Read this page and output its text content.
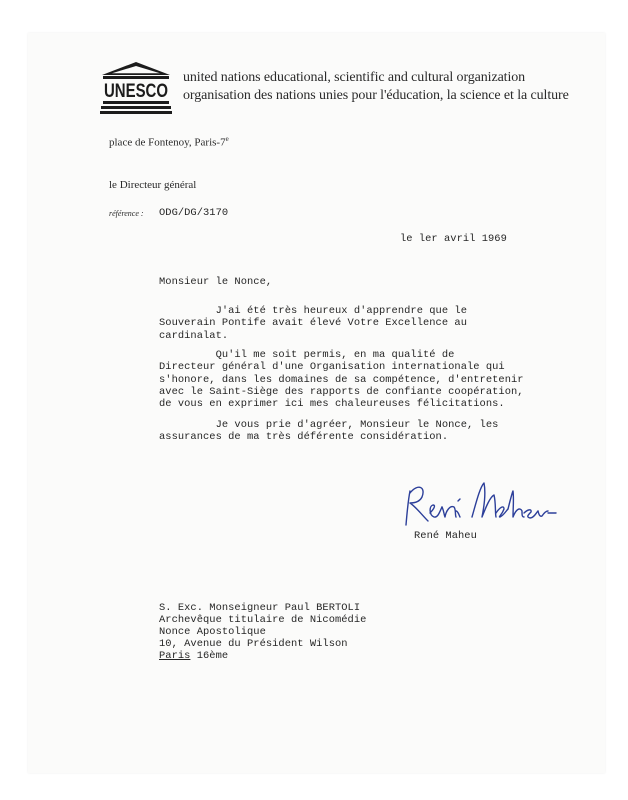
UNESCO
united nations educational, scientific and cultural organization
organisation des nations unies pour l'éducation, la science et la culture
place de Fontenoy, Paris-7e
le Directeur général
référence : ODG/DG/3170
le ler avril 1969
Monsieur le Nonce,
J'ai été très heureux d'apprendre que le
Souverain Pontife avait élevé Votre Excellence au
cardinalat.
Qu'il me soit permis, en ma qualité de
Directeur général d'une Organisation internationale qui
s'honore, dans les domaines de sa compétence, d'entretenir
avec le Saint-Siège des rapports de confiante coopération,
de vous en exprimer ici mes chaleureuses félicitations.
Je vous prie d'agréer, Monsieur le Nonce, les
assurances de ma très déférente considération.
René Maheu
S. Exc. Monseigneur Paul BERTOLI
Archevêque titulaire de Nicomédie
Nonce Apostolique
10, Avenue du Président Wilson
Paris 16ème
